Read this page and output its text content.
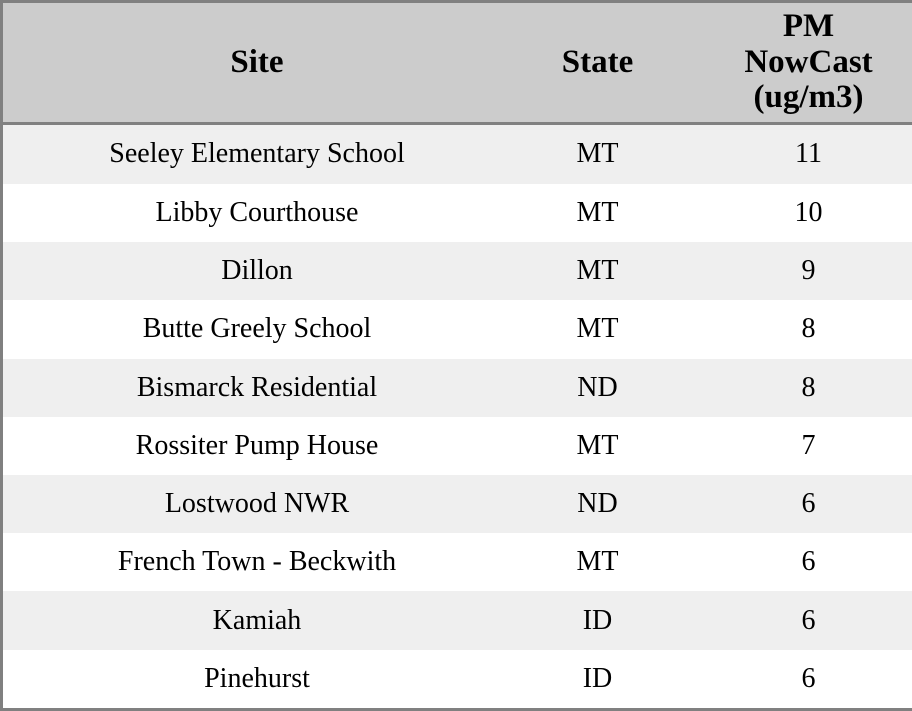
Site	State	PM
NowCast
(ug/m3)

Seeley Elementary School	MT	11
Libby Courthouse	MT	10
Dillon	MT	9
Butte Greely School	MT	8
Bismarck Residential	ND	8
Rossiter Pump House	MT	7
Lostwood NWR	ND	6
French Town - Beckwith	MT	6
Kamiah	ID	6
Pinehurst	ID	6
